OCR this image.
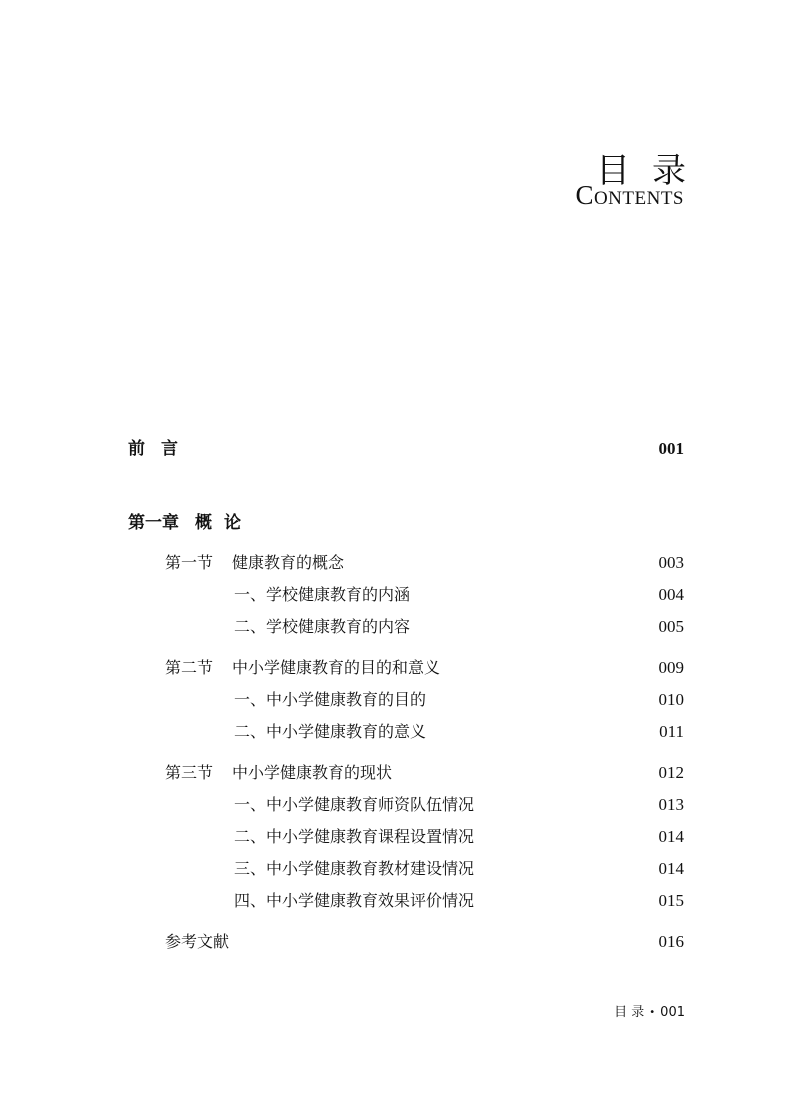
目录
Contents
前 言	001
第一章 概 论
第一节 健康教育的概念	003
一、学校健康教育的内涵	004
二、学校健康教育的内容	005
第二节 中小学健康教育的目的和意义	009
一、中小学健康教育的目的	010
二、中小学健康教育的意义	011
第三节 中小学健康教育的现状	012
一、中小学健康教育师资队伍情况	013
二、中小学健康教育课程设置情况	014
三、中小学健康教育教材建设情况	014
四、中小学健康教育效果评价情况	015
参考文献	016
目 录 • 001
